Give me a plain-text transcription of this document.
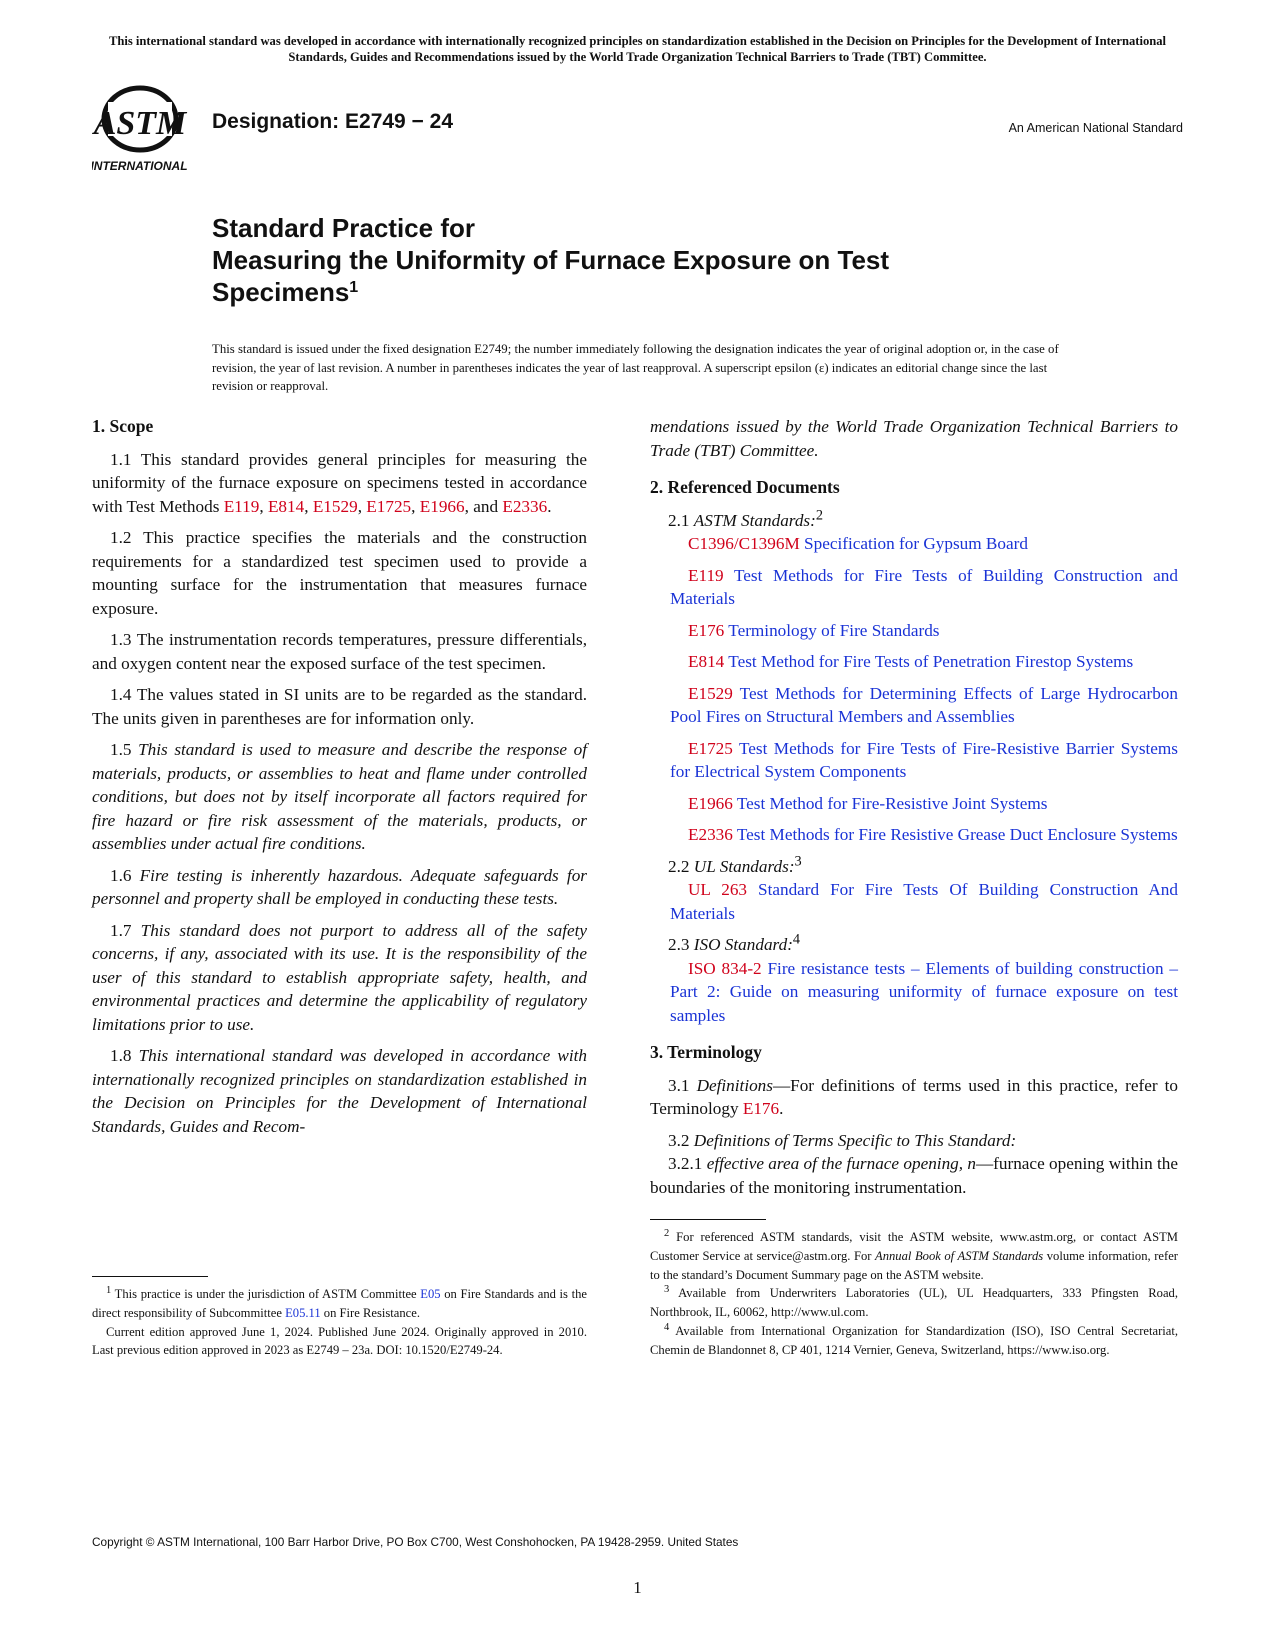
This international standard was developed in accordance with internationally recognized principles on standardization established in the Decision on Principles for the Development of International Standards, Guides and Recommendations issued by the World Trade Organization Technical Barriers to Trade (TBT) Committee.
ASTM
INTERNATIONAL
Designation: E2749 − 24	An American National Standard
Standard Practice for
Measuring the Uniformity of Furnace Exposure on Test
Specimens$^1$
This standard is issued under the fixed designation E2749; the number immediately following the designation indicates the year of original adoption or, in the case of revision, the year of last revision. A number in parentheses indicates the year of last reapproval. A superscript epsilon (ε) indicates an editorial change since the last revision or reapproval.
1. Scope

1.1 This standard provides general principles for measuring the uniformity of the furnace exposure on specimens tested in accordance with Test Methods E119, E814, E1529, E1725, E1966, and E2336.

1.2 This practice specifies the materials and the construction requirements for a standardized test specimen used to provide a mounting surface for the instrumentation that measures furnace exposure.

1.3 The instrumentation records temperatures, pressure differentials, and oxygen content near the exposed surface of the test specimen.

1.4 The values stated in SI units are to be regarded as the standard. The units given in parentheses are for information only.

1.5 This standard is used to measure and describe the response of materials, products, or assemblies to heat and flame under controlled conditions, but does not by itself incorporate all factors required for fire hazard or fire risk assessment of the materials, products, or assemblies under actual fire conditions.

1.6 Fire testing is inherently hazardous. Adequate safeguards for personnel and property shall be employed in conducting these tests.

1.7 This standard does not purport to address all of the safety concerns, if any, associated with its use. It is the responsibility of the user of this standard to establish appropriate safety, health, and environmental practices and determine the applicability of regulatory limitations prior to use.

1.8 This international standard was developed in accordance with internationally recognized principles on standardization established in the Decision on Principles for the Development of International Standards, Guides and Recom-

mendations issued by the World Trade Organization Technical Barriers to Trade (TBT) Committee.

2. Referenced Documents

2.1 ASTM Standards:$^2$

C1396/C1396M Specification for Gypsum Board

E119 Test Methods for Fire Tests of Building Construction and Materials

E176 Terminology of Fire Standards

E814 Test Method for Fire Tests of Penetration Firestop Systems

E1529 Test Methods for Determining Effects of Large Hydrocarbon Pool Fires on Structural Members and Assemblies

E1725 Test Methods for Fire Tests of Fire-Resistive Barrier Systems for Electrical System Components

E1966 Test Method for Fire-Resistive Joint Systems

E2336 Test Methods for Fire Resistive Grease Duct Enclosure Systems

2.2 UL Standards:$^3$

UL 263 Standard For Fire Tests Of Building Construction And Materials

2.3 ISO Standard:$^4$

ISO 834-2 Fire resistance tests – Elements of building construction – Part 2: Guide on measuring uniformity of furnace exposure on test samples

3. Terminology

3.1 Definitions—For definitions of terms used in this practice, refer to Terminology E176.

3.2 Definitions of Terms Specific to This Standard:

3.2.1 effective area of the furnace opening, n—furnace opening within the boundaries of the monitoring instrumentation.

$^1$ This practice is under the jurisdiction of ASTM Committee E05 on Fire Standards and is the direct responsibility of Subcommittee E05.11 on Fire Resistance.

Current edition approved June 1, 2024. Published June 2024. Originally approved in 2010. Last previous edition approved in 2023 as E2749 – 23a. DOI: 10.1520/E2749-24.

$^2$ For referenced ASTM standards, visit the ASTM website, www.astm.org, or contact ASTM Customer Service at service@astm.org. For Annual Book of ASTM Standards volume information, refer to the standard’s Document Summary page on the ASTM website.

$^3$ Available from Underwriters Laboratories (UL), UL Headquarters, 333 Pfingsten Road, Northbrook, IL, 60062, http://www.ul.com.

$^4$ Available from International Organization for Standardization (ISO), ISO Central Secretariat, Chemin de Blandonnet 8, CP 401, 1214 Vernier, Geneva, Switzerland, https://www.iso.org.

Copyright © ASTM International, 100 Barr Harbor Drive, PO Box C700, West Conshohocken, PA 19428-2959. United States
1
